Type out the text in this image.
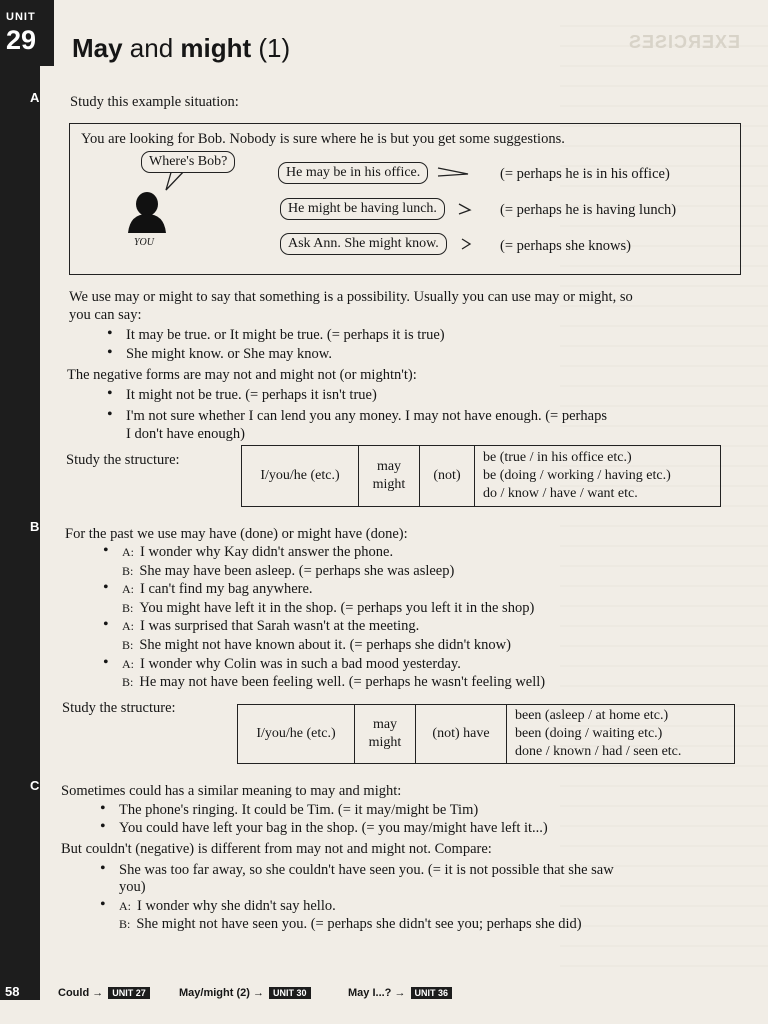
EXERCISES
UNIT
29
A
B
C
58
May and might (1)
Study this example situation:
You are looking for Bob. Nobody is sure where he is but you get some suggestions.
Where's Bob?
He may be in his office.
He might be having lunch.
Ask Ann. She might know.
(= perhaps he is in his office)
(= perhaps he is having lunch)
(= perhaps she knows)
YOU
We use may or might to say that something is a possibility. Usually you can use may or might, so
you can say:
• It may be true. or It might be true. (= perhaps it is true)
• She might know. or She may know.
The negative forms are may not and might not (or mightn't):
• It might not be true. (= perhaps it isn't true)
• I'm not sure whether I can lend you any money. I may not have enough. (= perhaps
I don't have enough)
Study the structure:
I/you/he (etc.)	may
might	(not)	be (true / in his office etc.)
be (doing / working / having etc.)
do / know / have / want etc.
For the past we use may have (done) or might have (done):
• A: I wonder why Kay didn't answer the phone.
B: She may have been asleep. (= perhaps she was asleep)
• A: I can't find my bag anywhere.
B: You might have left it in the shop. (= perhaps you left it in the shop)
• A: I was surprised that Sarah wasn't at the meeting.
B: She might not have known about it. (= perhaps she didn't know)
• A: I wonder why Colin was in such a bad mood yesterday.
B: He may not have been feeling well. (= perhaps he wasn't feeling well)
Study the structure:
I/you/he (etc.)	may
might	(not) have	been (asleep / at home etc.)
been (doing / waiting etc.)
done / known / had / seen etc.
Sometimes could has a similar meaning to may and might:
• The phone's ringing. It could be Tim. (= it may/might be Tim)
• You could have left your bag in the shop. (= you may/might have left it...)
But couldn't (negative) is different from may not and might not. Compare:
• She was too far away, so she couldn't have seen you. (= it is not possible that she saw
you)
• A: I wonder why she didn't say hello.
B: She might not have seen you. (= perhaps she didn't see you; perhaps she did)
Could → UNIT 27	May/might (2) → UNIT 30	May I...? → UNIT 36
